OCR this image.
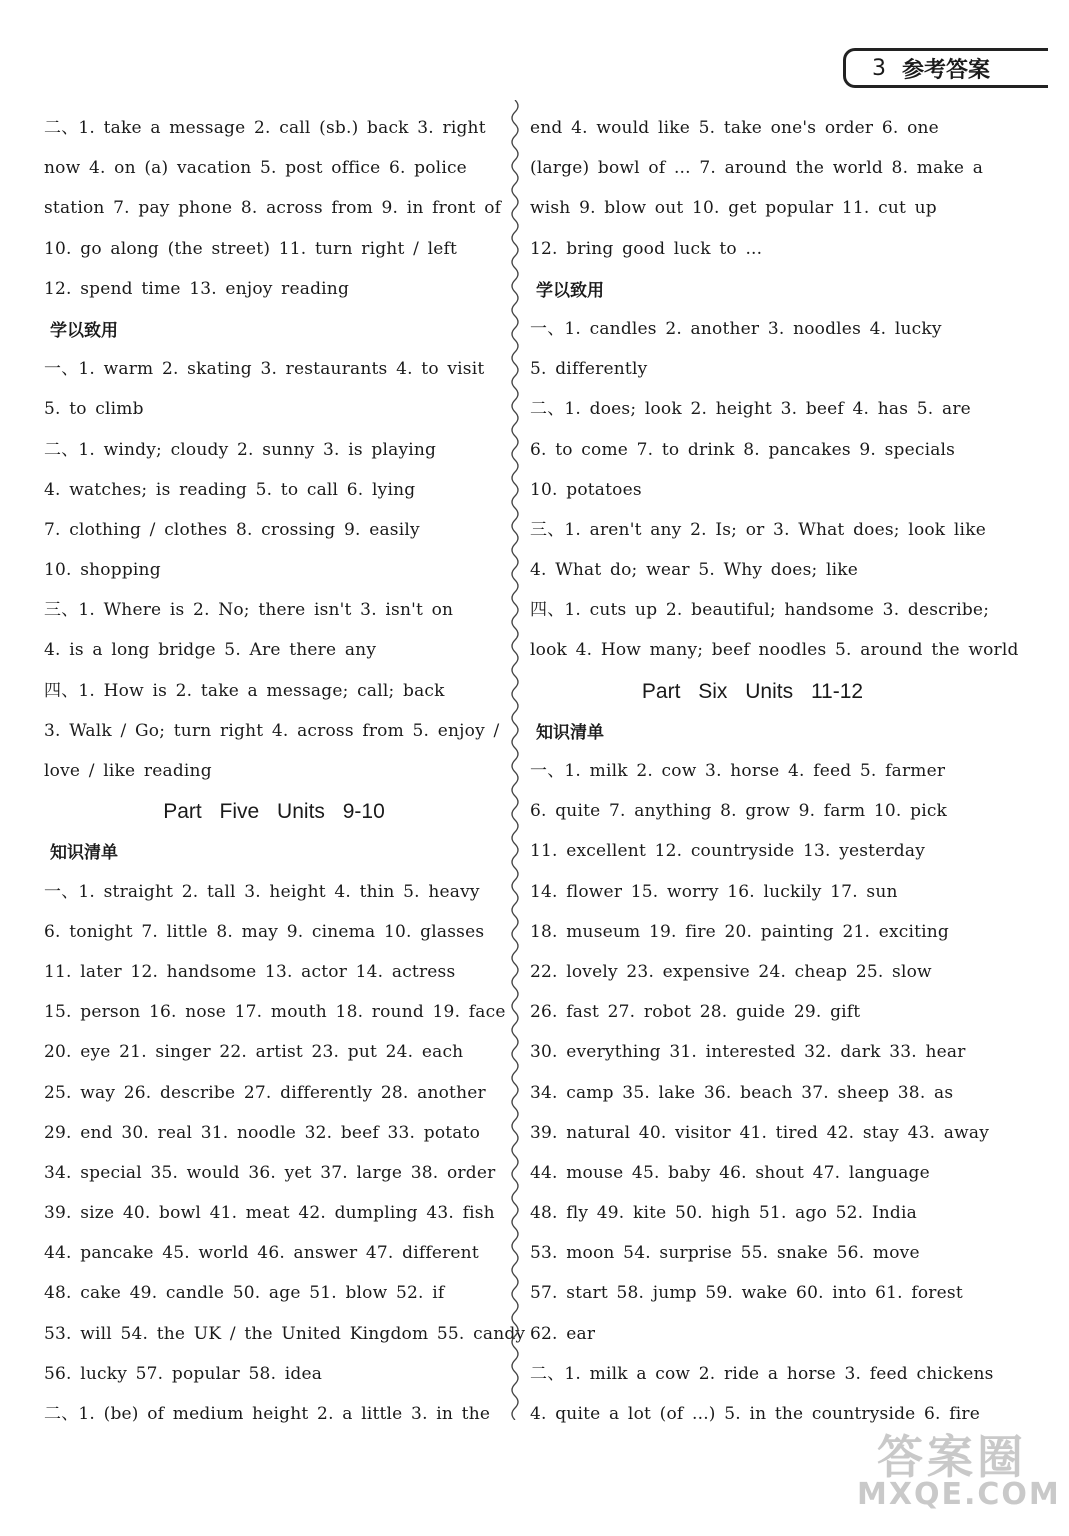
3 参考答案
二、1. take a message 2. call (sb.) back 3. right
now 4. on (a) vacation 5. post office 6. police
station 7. pay phone 8. across from 9. in front of
10. go along (the street) 11. turn right / left
12. spend time 13. enjoy reading
学以致用
一、1. warm 2. skating 3. restaurants 4. to visit
5. to climb
二、1. windy; cloudy 2. sunny 3. is playing
4. watches; is reading 5. to call 6. lying
7. clothing / clothes 8. crossing 9. easily
10. shopping
三、1. Where is 2. No; there isn't 3. isn't on
4. is a long bridge 5. Are there any
四、1. How is 2. take a message; call; back
3. Walk / Go; turn right 4. across from 5. enjoy /
love / like reading
Part Five Units 9-10
知识清单
一、1. straight 2. tall 3. height 4. thin 5. heavy
6. tonight 7. little 8. may 9. cinema 10. glasses
11. later 12. handsome 13. actor 14. actress
15. person 16. nose 17. mouth 18. round 19. face
20. eye 21. singer 22. artist 23. put 24. each
25. way 26. describe 27. differently 28. another
29. end 30. real 31. noodle 32. beef 33. potato
34. special 35. would 36. yet 37. large 38. order
39. size 40. bowl 41. meat 42. dumpling 43. fish
44. pancake 45. world 46. answer 47. different
48. cake 49. candle 50. age 51. blow 52. if
53. will 54. the UK / the United Kingdom 55. candy
56. lucky 57. popular 58. idea
二、1. (be) of medium height 2. a little 3. in the
end 4. would like 5. take one's order 6. one
(large) bowl of ... 7. around the world 8. make a
wish 9. blow out 10. get popular 11. cut up
12. bring good luck to ...
学以致用
一、1. candles 2. another 3. noodles 4. lucky
5. differently
二、1. does; look 2. height 3. beef 4. has 5. are
6. to come 7. to drink 8. pancakes 9. specials
10. potatoes
三、1. aren't any 2. Is; or 3. What does; look like
4. What do; wear 5. Why does; like
四、1. cuts up 2. beautiful; handsome 3. describe;
look 4. How many; beef noodles 5. around the world
Part Six Units 11-12
知识清单
一、1. milk 2. cow 3. horse 4. feed 5. farmer
6. quite 7. anything 8. grow 9. farm 10. pick
11. excellent 12. countryside 13. yesterday
14. flower 15. worry 16. luckily 17. sun
18. museum 19. fire 20. painting 21. exciting
22. lovely 23. expensive 24. cheap 25. slow
26. fast 27. robot 28. guide 29. gift
30. everything 31. interested 32. dark 33. hear
34. camp 35. lake 36. beach 37. sheep 38. as
39. natural 40. visitor 41. tired 42. stay 43. away
44. mouse 45. baby 46. shout 47. language
48. fly 49. kite 50. high 51. ago 52. India
53. moon 54. surprise 55. snake 56. move
57. start 58. jump 59. wake 60. into 61. forest
62. ear
二、1. milk a cow 2. ride a horse 3. feed chickens
4. quite a lot (of ...) 5. in the countryside 6. fire
答案圈
MXQE.COM
